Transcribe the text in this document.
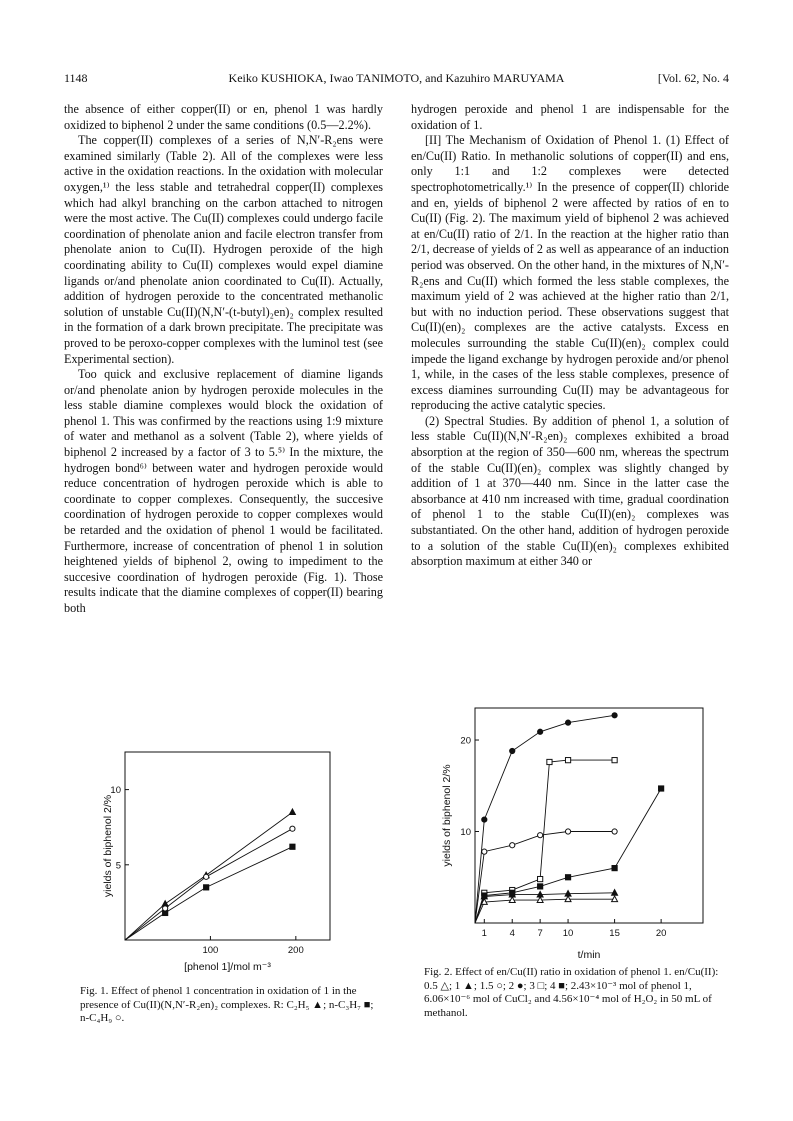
1148	Keiko KUSHIOKA, Iwao TANIMOTO, and Kazuhiro MARUYAMA	[Vol. 62, No. 4

the absence of either copper(II) or en, phenol 1 was hardly oxidized to biphenol 2 under the same conditions (0.5—2.2%).

The copper(II) complexes of a series of N,N′-R₂ens were examined similarly (Table 2). All of the complexes were less active in the oxidation reactions. In the oxidation with molecular oxygen,¹⁾ the less stable and tetrahedral copper(II) complexes which had alkyl branching on the carbon attached to nitrogen were the most active. The Cu(II) complexes could undergo facile coordination of phenolate anion and facile electron transfer from phenolate anion to Cu(II). Hydrogen peroxide of the high coordinating ability to Cu(II) complexes would expel diamine ligands or/and phenolate anion coordinated to Cu(II). Actually, addition of hydrogen peroxide to the concentrated methanolic solution of unstable Cu(II)(N,N′-(t-butyl)₂en)₂ complex resulted in the formation of a dark brown precipitate. The precipitate was proved to be peroxo-copper complexes with the luminol test (see Experimental section).

Too quick and exclusive replacement of diamine ligands or/and phenolate anion by hydrogen peroxide molecules in the less stable diamine complexes would block the oxidation of phenol 1. This was confirmed by the reactions using 1:9 mixture of water and methanol as a solvent (Table 2), where yields of biphenol 2 increased by a factor of 3 to 5.⁵⁾ In the mixture, the hydrogen bond⁶⁾ between water and hydrogen peroxide would reduce concentration of hydrogen peroxide which is able to coordinate to copper complexes. Consequently, the succesive coordination of hydrogen peroxide to copper complexes would be retarded and the oxidation of phenol 1 would be facilitated. Furthermore, increase of concentration of phenol 1 in solution heightened yields of biphenol 2, owing to impediment to the succesive coordination of hydrogen peroxide (Fig. 1). Those results indicate that the diamine complexes of copper(II) bearing both

hydrogen peroxide and phenol 1 are indispensable for the oxidation of 1.

[II] The Mechanism of Oxidation of Phenol 1. (1) Effect of en/Cu(II) Ratio. In methanolic solutions of copper(II) and ens, only 1:1 and 1:2 complexes were detected spectrophotometrically.¹⁾ In the presence of copper(II) chloride and en, yields of biphenol 2 were affected by ratios of en to Cu(II) (Fig. 2). The maximum yield of biphenol 2 was achieved at en/Cu(II) ratio of 2/1. In the reaction at the higher ratio than 2/1, decrease of yields of 2 as well as appearance of an induction period was observed. On the other hand, in the mixtures of N,N′-R₂ens and Cu(II) which formed the less stable complexes, the maximum yield of 2 was achieved at the higher ratio than 2/1, but with no induction period. These observations suggest that Cu(II)(en)₂ complexes are the active catalysts. Excess en molecules surrounding the stable Cu(II)(en)₂ complex could impede the ligand exchange by hydrogen peroxide and/or phenol 1, while, in the cases of the less stable complexes, presence of excess diamines surrounding Cu(II) may be advantageous for reproducing the active catalytic species.

(2) Spectral Studies. By addition of phenol 1, a solution of less stable Cu(II)(N,N′-R₂en)₂ complexes exhibited a broad absorption at the region of 350—600 nm, whereas the spectrum of the stable Cu(II)(en)₂ complex was slightly changed by addition of 1 at 370—440 nm. Since in the latter case the absorbance at 410 nm increased with time, gradual coordination of phenol 1 to the stable Cu(II)(en)₂ complexes was substantiated. On the other hand, addition of hydrogen peroxide to a solution of the stable Cu(II)(en)₂ complexes exhibited absorption maximum at either 340 or

100	200
5
10
[phenol 1]/mol m⁻³
yields of biphenol 2/%
Fig. 1. Effect of phenol 1 concentration in oxidation of 1 in the presence of Cu(II)(N,N′-R₂en)₂ complexes. R: C₂H₅ ▲; n-C₃H₇ ■; n-C₄H₉ ○.
1 4 7 10	15	20
10
20
t/min
yields of biphenol 2/%
Fig. 2. Effect of en/Cu(II) ratio in oxidation of phenol 1. en/Cu(II): 0.5 △; 1 ▲; 1.5 ○; 2 ●; 3 □; 4 ■; 2.43×10⁻³ mol of phenol 1, 6.06×10⁻⁶ mol of CuCl₂ and 4.56×10⁻⁴ mol of H₂O₂ in 50 mL of methanol.
